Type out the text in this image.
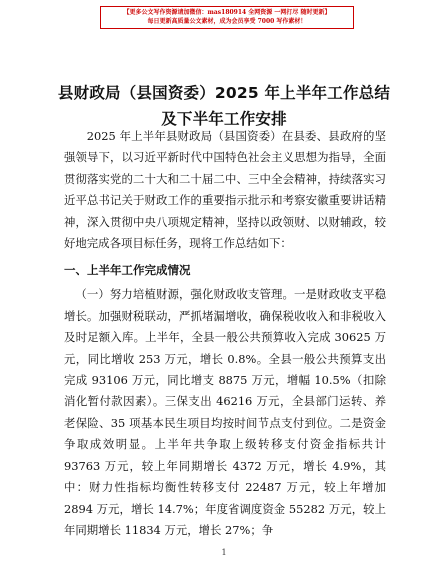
【更多公文写作资源请加微信：mas180914 全网资源 一网打尽 随时更新】
每日更新高质量公文素材，成为会员享受 7000 写作素材！
县财政局（县国资委）2025 年上半年工作总结
及下半年工作安排

2025 年上半年县财政局（县国资委）在县委、县政府的坚强领导下，以习近平新时代中国特色社会主义思想为指导，全面贯彻落实党的二十大和二十届二中、三中全会精神，持续落实习近平总书记关于财政工作的重要指示批示和考察安徽重要讲话精神，深入贯彻中央八项规定精神，坚持以政领财、以财辅政，较好地完成各项目标任务，现将工作总结如下：

一、上半年工作完成情况

（一）努力培植财源，强化财政收支管理。一是财政收支平稳增长。加强财税联动，严抓堵漏增收，确保税收收入和非税收入及时足额入库。上半年，全县一般公共预算收入完成 30625 万元，同比增收 253 万元，增长 0.8%。全县一般公共预算支出完成 93106 万元，同比增支 8875 万元，增幅 10.5%（扣除消化暂付款因素）。三保支出 46216 万元，全县部门运转、养老保险、35 项基本民生项目均按时间节点支付到位。二是资金争取成效明显。上半年共争取上级转移支付资金指标共计 93763 万元，较上年同期增长 4372 万元，增长 4.9%，其中：财力性指标均衡性转移支付 22487 万元，较上年增加 2894 万元，增长 14.7%；年度省调度资金 55282 万元，较上年同期增长 11834 万元，增长 27%；争

1
